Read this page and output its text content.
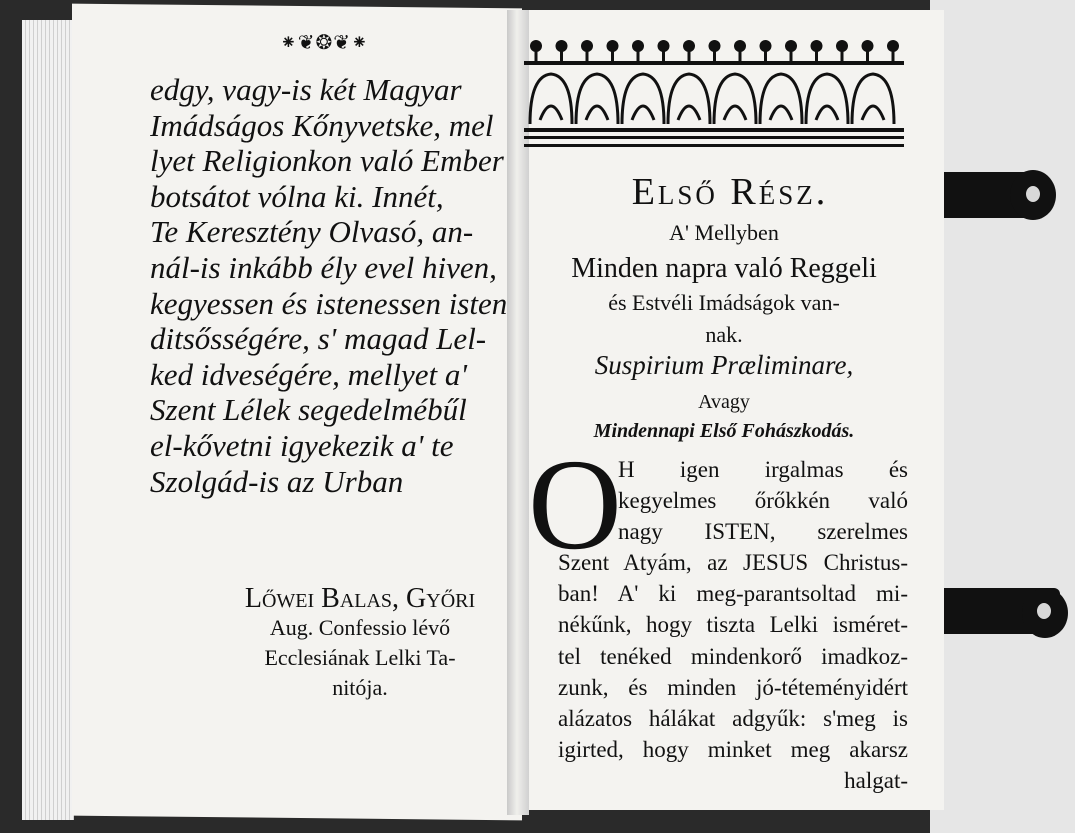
⁕❦❂❦⁕
edgy, vagy-is két Magyar
Imádságos Kőnyvetske, mel
lyet Religionkon való Ember
botsátot vólna ki. Innét,
Te Keresztény Olvasó, an-
nál-is inkább ély evel hiven,
kegyessen és istenessen isten
ditsősségére, s' magad Lel-
ked idveségére, mellyet a'
Szent Lélek segedelmébűl
el-kővetni igyekezik a' te
Szolgád-is az Urban
Lőwei Balas, Győri
Aug. Confessio lévő
Ecclesiának Lelki Ta-
nitója.
Első Rész.
A' Mellyben
Minden napra való Reggeli
és Estvéli Imádságok van-
nak.
Suspirium Præliminare,
Avagy
Mindennapi Első Fohászkodás.
O
H igen irgalmas és
kegyelmes őrőkkén való
nagy ISTEN, szerelmes
Szent Atyám, az JESUS Christus-
ban! A' ki meg-parantsoltad mi-
nékűnk, hogy tiszta Lelki isméret-
tel tenéked mindenkorő imadkoz-
zunk, és minden jó-téteményidért
alázatos hálákat adgyűk: s'meg is
igirted, hogy minket meg akarsz
halgat-
